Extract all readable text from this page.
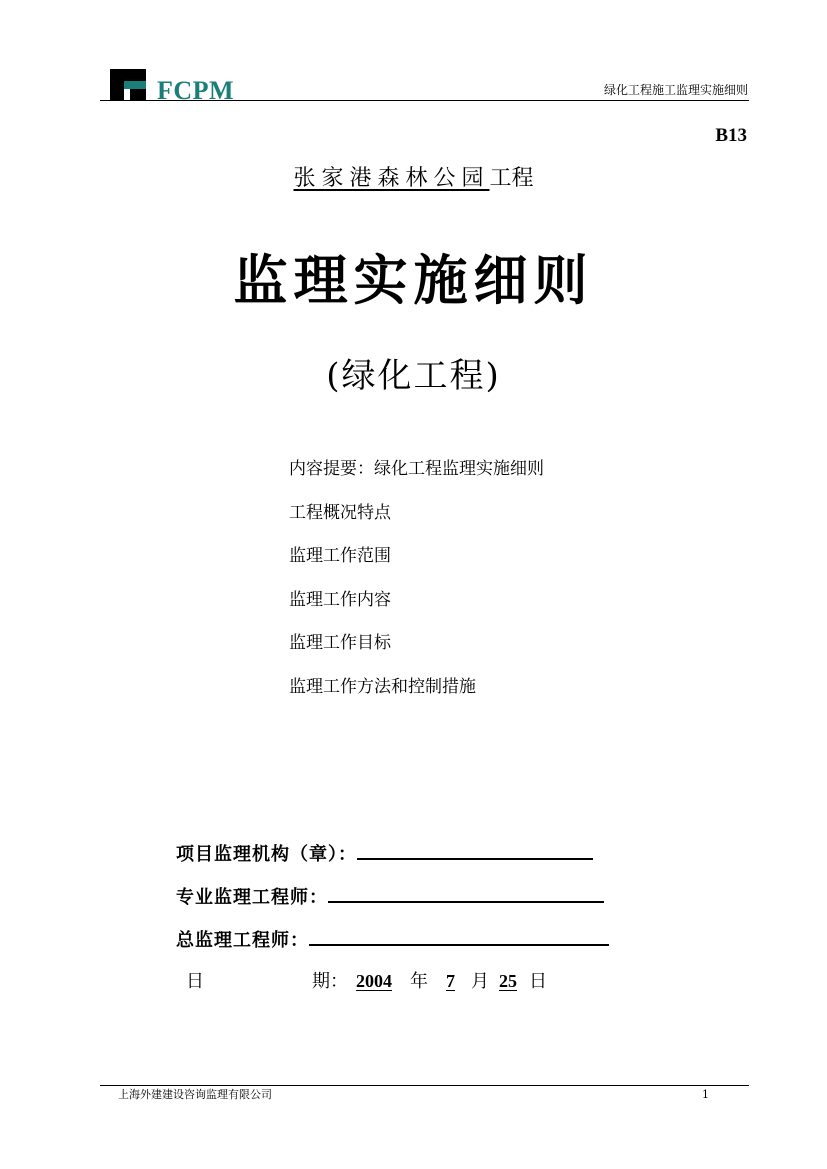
FCPM	绿化工程施工监理实施细则
B13
张家港森林公园工程
监理实施细则
(绿化工程)
内容提要：绿化工程监理实施细则
工程概况特点
监理工作范围
监理工作内容
监理工作目标
监理工作方法和控制措施
项目监理机构（章）：
专业监理工程师：
总监理工程师：
日	期： 2004 年 7 月 25 日
上海外建建设咨询监理有限公司	1
